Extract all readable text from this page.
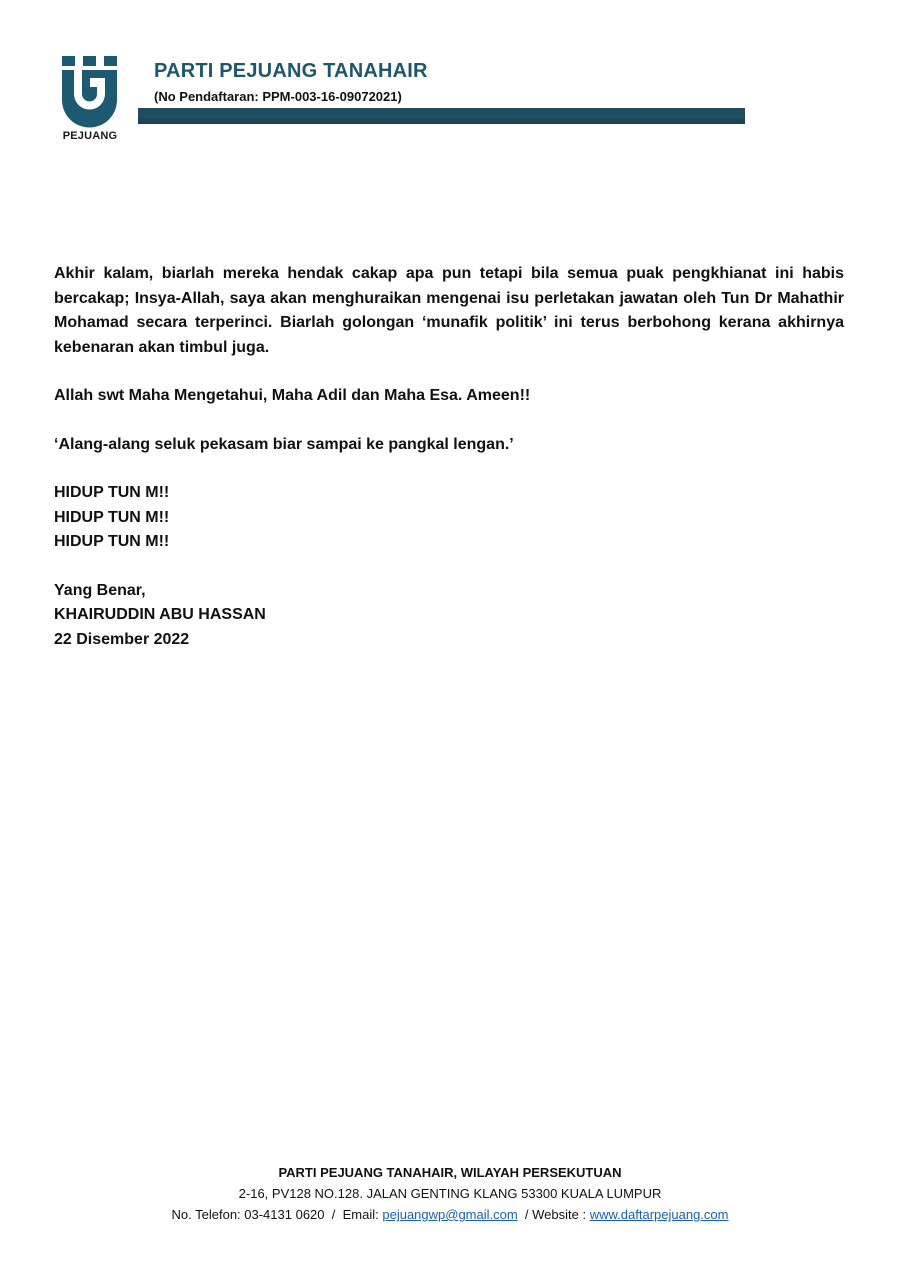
PEJUANG
PARTI PEJUANG TANAHAIR
(No Pendaftaran: PPM-003-16-09072021)

Akhir kalam, biarlah mereka hendak cakap apa pun tetapi bila semua puak pengkhianat ini habis bercakap; Insya-Allah, saya akan menghuraikan mengenai isu perletakan jawatan oleh Tun Dr Mahathir Mohamad secara terperinci. Biarlah golongan ‘munafik politik’ ini terus berbohong kerana akhirnya kebenaran akan timbul juga.

Allah swt Maha Mengetahui, Maha Adil dan Maha Esa. Ameen!!

‘Alang-alang seluk pekasam biar sampai ke pangkal lengan.’

HIDUP TUN M!!

HIDUP TUN M!!

HIDUP TUN M!!

Yang Benar,

KHAIRUDDIN ABU HASSAN

22 Disember 2022

PARTI PEJUANG TANAHAIR, WILAYAH PERSEKUTUAN
2-16, PV128 NO.128. JALAN GENTING KLANG 53300 KUALA LUMPUR
No. Telefon: 03-4131 0620 / Email: pejuangwp@gmail.com / Website : www.daftarpejuang.com
